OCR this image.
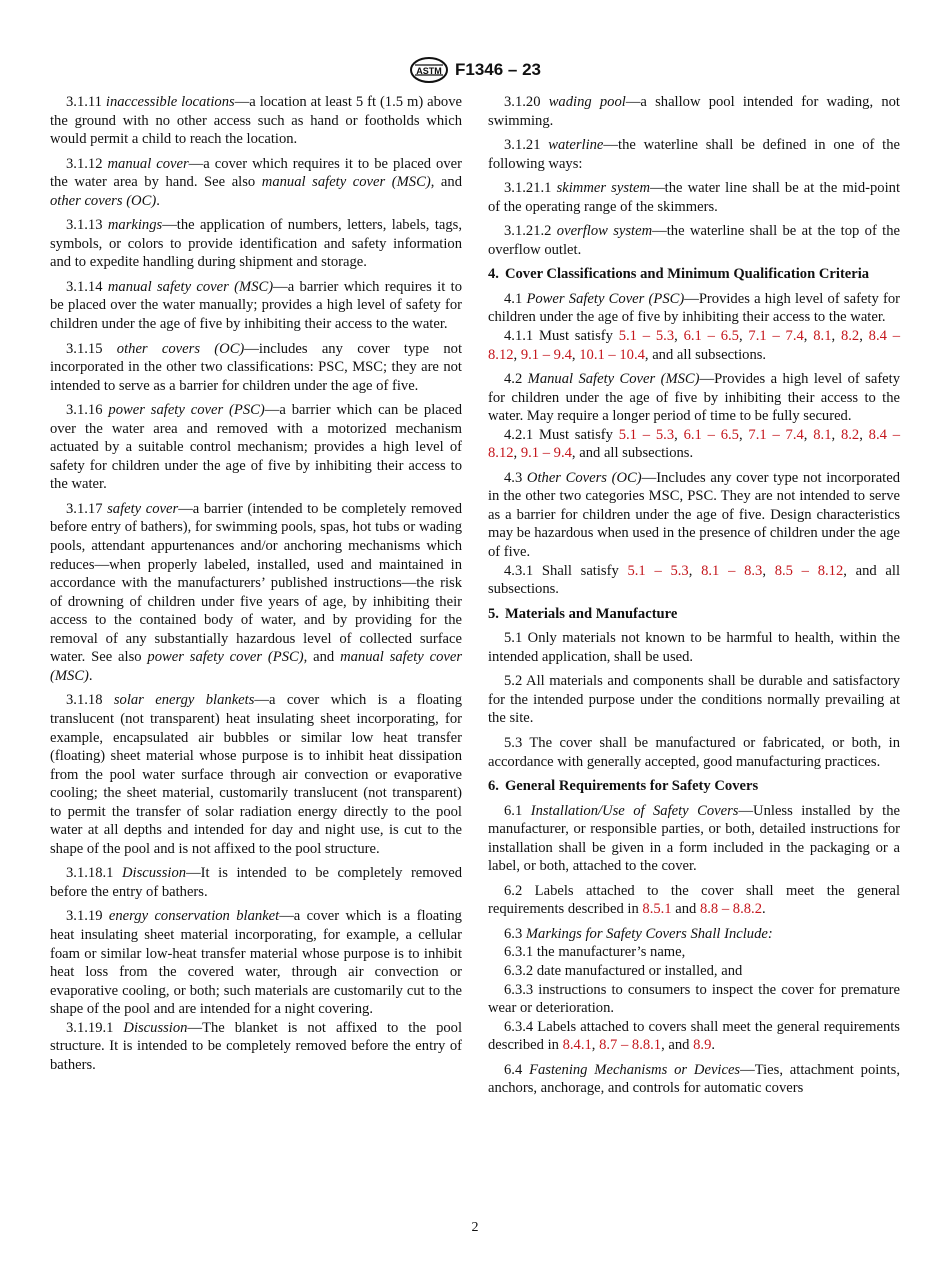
ASTM F1346 – 23
3.1.11 inaccessible locations—a location at least 5 ft (1.5 m) above the ground with no other access such as hand or footholds which would permit a child to reach the location.
3.1.12 manual cover—a cover which requires it to be placed over the water area by hand. See also manual safety cover (MSC), and other covers (OC).
3.1.13 markings—the application of numbers, letters, labels, tags, symbols, or colors to provide identification and safety information and to expedite handling during shipment and storage.
3.1.14 manual safety cover (MSC)—a barrier which requires it to be placed over the water manually; provides a high level of safety for children under the age of five by inhibiting their access to the water.
3.1.15 other covers (OC)—includes any cover type not incorporated in the other two classifications: PSC, MSC; they are not intended to serve as a barrier for children under the age of five.
3.1.16 power safety cover (PSC)—a barrier which can be placed over the water area and removed with a motorized mechanism actuated by a suitable control mechanism; provides a high level of safety for children under the age of five by inhibiting their access to the water.
3.1.17 safety cover—a barrier (intended to be completely removed before entry of bathers), for swimming pools, spas, hot tubs or wading pools, attendant appurtenances and/or anchoring mechanisms which reduces—when properly labeled, installed, used and maintained in accordance with the manufacturers’ published instructions—the risk of drowning of children under five years of age, by inhibiting their access to the contained body of water, and by providing for the removal of any substantially hazardous level of collected surface water. See also power safety cover (PSC), and manual safety cover (MSC).
3.1.18 solar energy blankets—a cover which is a floating translucent (not transparent) heat insulating sheet incorporating, for example, encapsulated air bubbles or similar low heat transfer (floating) sheet material whose purpose is to inhibit heat dissipation from the pool water surface through air convection or evaporative cooling; the sheet material, customarily translucent (not transparent) to permit the transfer of solar radiation energy directly to the pool water at all depths and intended for day and night use, is cut to the shape of the pool and is not affixed to the pool structure.
3.1.18.1 Discussion—It is intended to be completely removed before the entry of bathers.
3.1.19 energy conservation blanket—a cover which is a floating heat insulating sheet material incorporating, for example, a cellular foam or similar low-heat transfer material whose purpose is to inhibit heat loss from the covered water, through air convection or evaporative cooling, or both; such materials are customarily cut to the shape of the pool and are intended for a night covering.
3.1.19.1 Discussion—The blanket is not affixed to the pool structure. It is intended to be completely removed before the entry of bathers.
3.1.20 wading pool—a shallow pool intended for wading, not swimming.
3.1.21 waterline—the waterline shall be defined in one of the following ways:
3.1.21.1 skimmer system—the water line shall be at the mid-point of the operating range of the skimmers.
3.1.21.2 overflow system—the waterline shall be at the top of the overflow outlet.
4. Cover Classifications and Minimum Qualification Criteria
4.1 Power Safety Cover (PSC)—Provides a high level of safety for children under the age of five by inhibiting their access to the water.
4.1.1 Must satisfy 5.1 – 5.3, 6.1 – 6.5, 7.1 – 7.4, 8.1, 8.2, 8.4 – 8.12, 9.1 – 9.4, 10.1 – 10.4, and all subsections.
4.2 Manual Safety Cover (MSC)—Provides a high level of safety for children under the age of five by inhibiting their access to the water. May require a longer period of time to be fully secured.
4.2.1 Must satisfy 5.1 – 5.3, 6.1 – 6.5, 7.1 – 7.4, 8.1, 8.2, 8.4 – 8.12, 9.1 – 9.4, and all subsections.
4.3 Other Covers (OC)—Includes any cover type not incorporated in the other two categories MSC, PSC. They are not intended to serve as a barrier for children under the age of five. Design characteristics may be hazardous when used in the presence of children under the age of five.
4.3.1 Shall satisfy 5.1 – 5.3, 8.1 – 8.3, 8.5 – 8.12, and all subsections.
5. Materials and Manufacture
5.1 Only materials not known to be harmful to health, within the intended application, shall be used.
5.2 All materials and components shall be durable and satisfactory for the intended purpose under the conditions normally prevailing at the site.
5.3 The cover shall be manufactured or fabricated, or both, in accordance with generally accepted, good manufacturing practices.
6. General Requirements for Safety Covers
6.1 Installation/Use of Safety Covers—Unless installed by the manufacturer, or responsible parties, or both, detailed instructions for installation shall be given in a form included in the packaging or a label, or both, attached to the cover.
6.2 Labels attached to the cover shall meet the general requirements described in 8.5.1 and 8.8 – 8.8.2.
6.3 Markings for Safety Covers Shall Include:
6.3.1 the manufacturer’s name,
6.3.2 date manufactured or installed, and
6.3.3 instructions to consumers to inspect the cover for premature wear or deterioration.
6.3.4 Labels attached to covers shall meet the general requirements described in 8.4.1, 8.7 – 8.8.1, and 8.9.
6.4 Fastening Mechanisms or Devices—Ties, attachment points, anchors, anchorage, and controls for automatic covers
2
